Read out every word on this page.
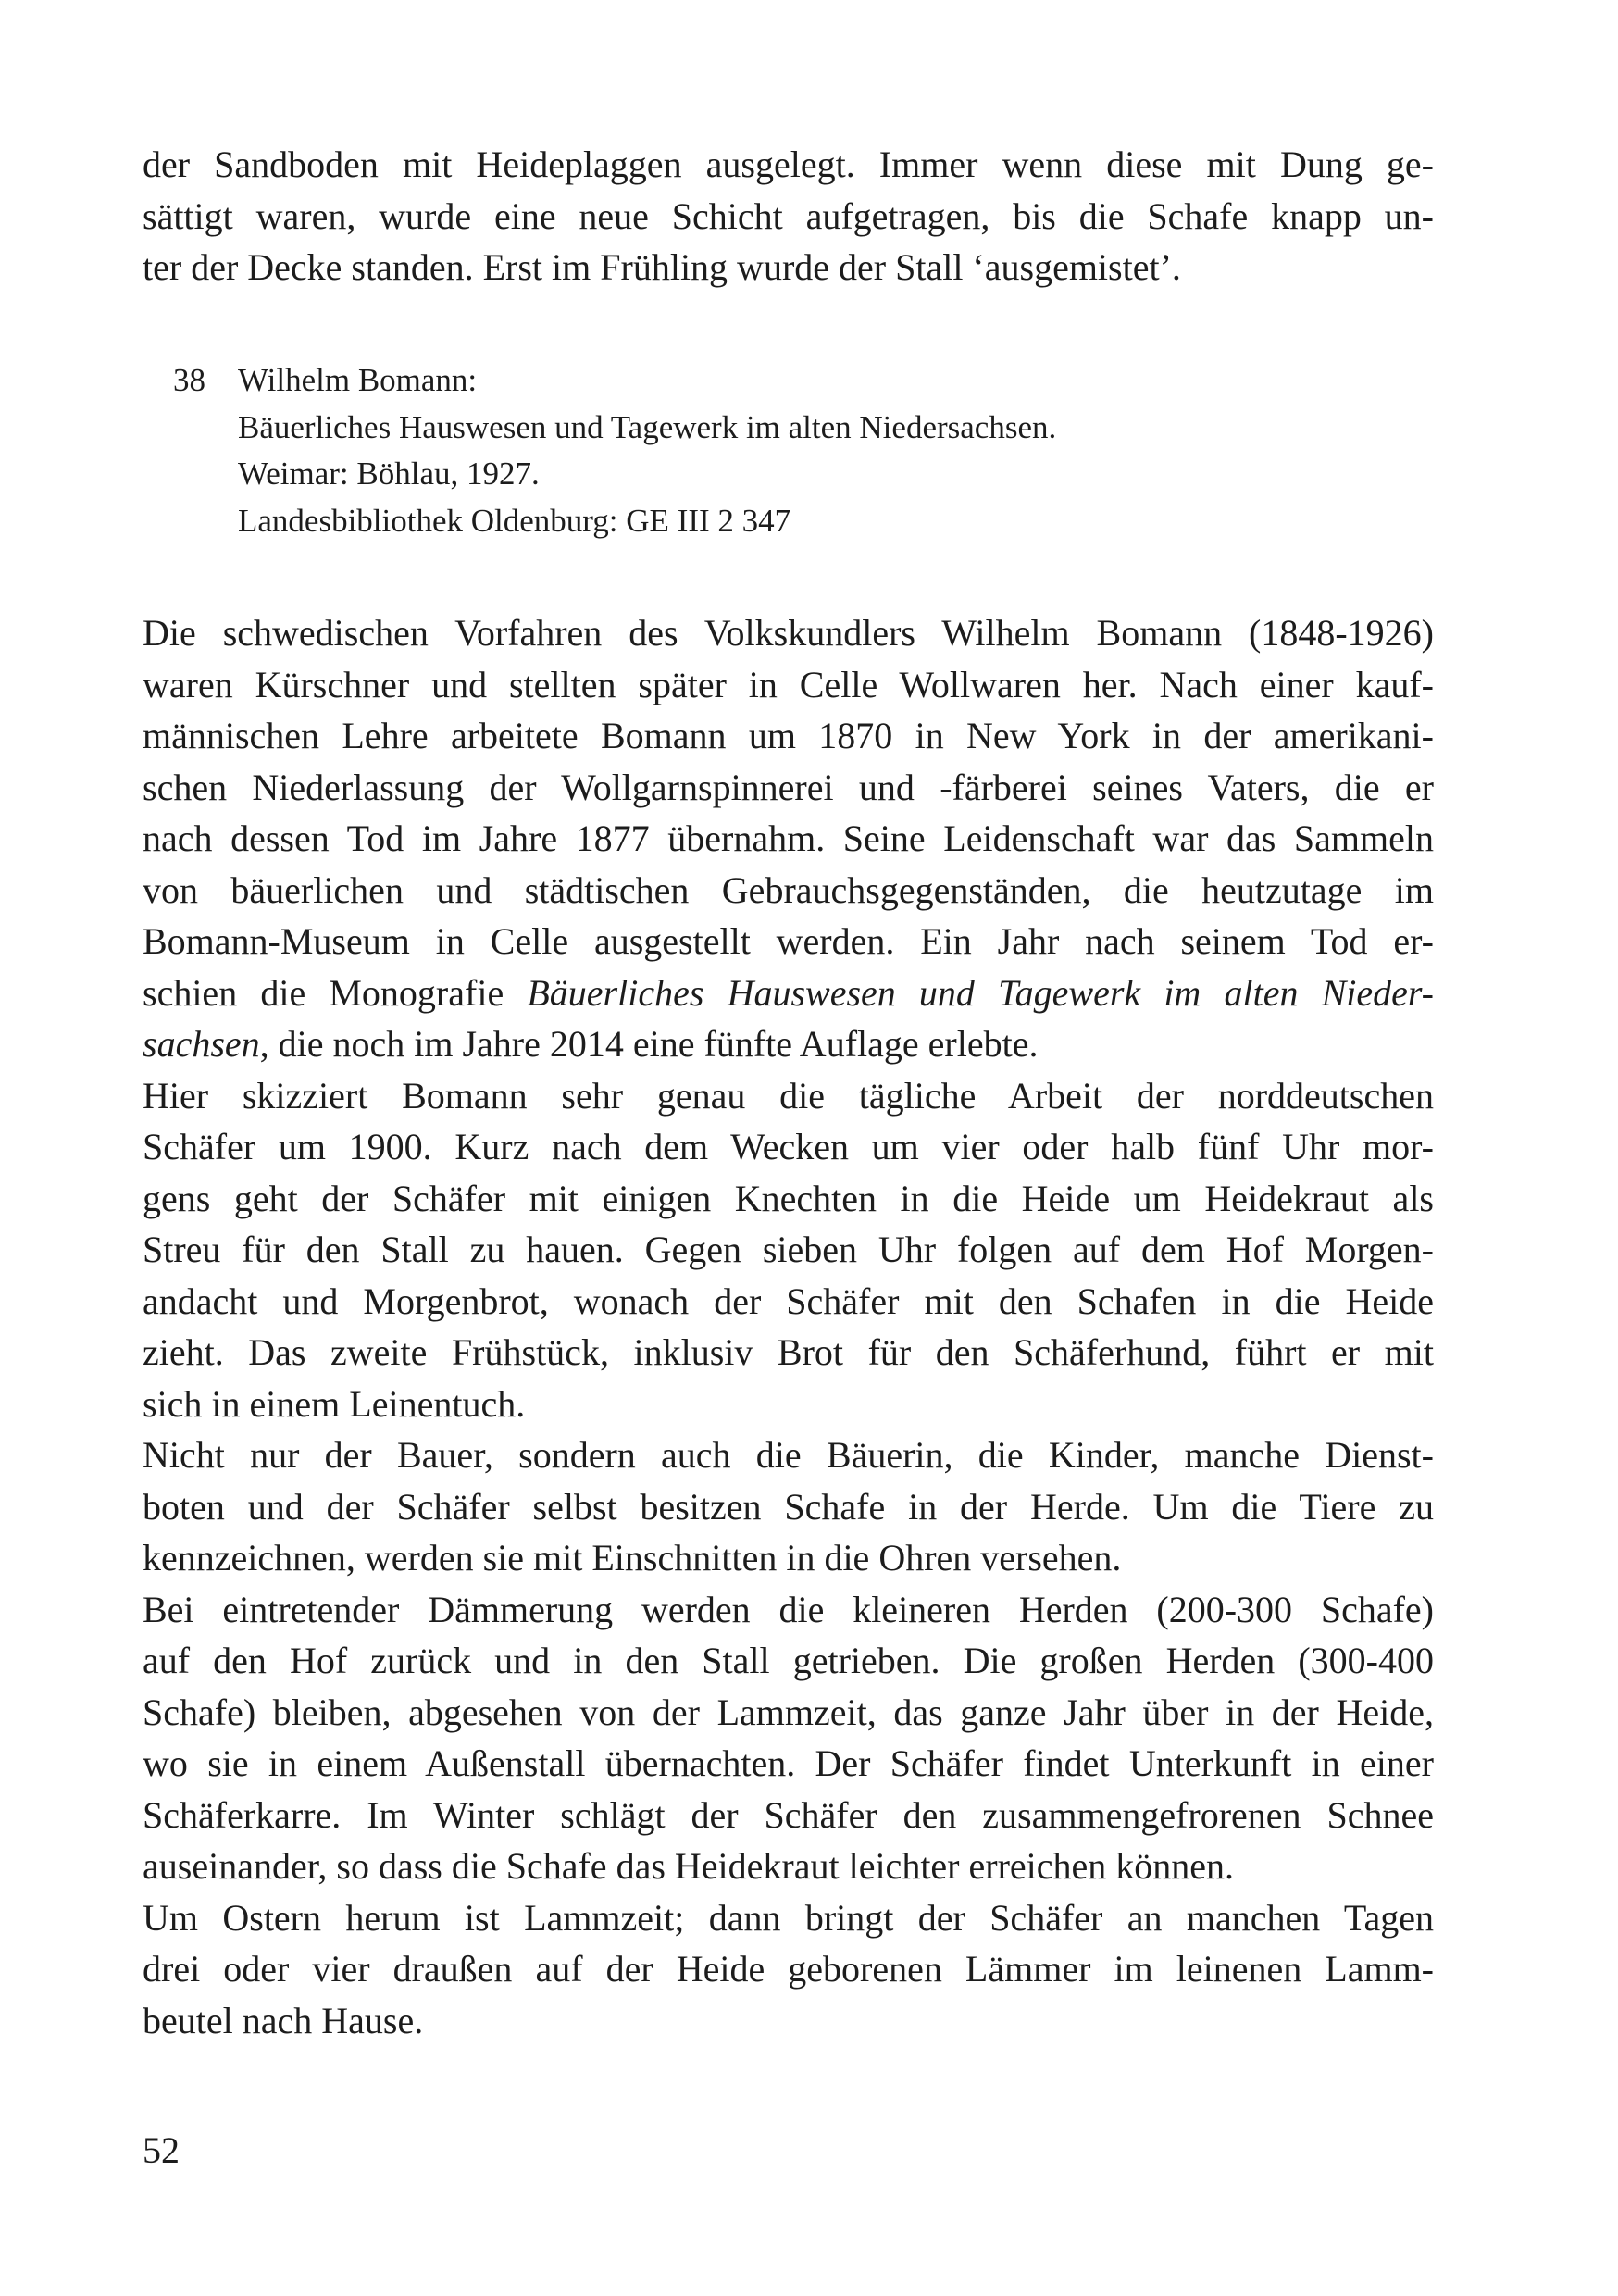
der Sandboden mit Heideplaggen ausgelegt. Immer wenn diese mit Dung ge-
sättigt waren, wurde eine neue Schicht aufgetragen, bis die Schafe knapp un-
ter der Decke standen. Erst im Frühling wurde der Stall ‘ausgemistet’.
38	Wilhelm Bomann:
Bäuerliches Hauswesen und Tagewerk im alten Niedersachsen.
Weimar: Böhlau, 1927.
Landesbibliothek Oldenburg: GE III 2 347
Die schwedischen Vorfahren des Volkskundlers Wilhelm Bomann (1848-1926)
waren Kürschner und stellten später in Celle Wollwaren her. Nach einer kauf-
männischen Lehre arbeitete Bomann um 1870 in New York in der amerikani-
schen Niederlassung der Wollgarnspinnerei und -färberei seines Vaters, die er
nach dessen Tod im Jahre 1877 übernahm. Seine Leidenschaft war das Sammeln
von bäuerlichen und städtischen Gebrauchsgegenständen, die heutzutage im
Bomann-Museum in Celle ausgestellt werden. Ein Jahr nach seinem Tod er-
schien die Monografie Bäuerliches Hauswesen und Tagewerk im alten Nieder-
sachsen, die noch im Jahre 2014 eine fünfte Auflage erlebte.
Hier skizziert Bomann sehr genau die tägliche Arbeit der norddeutschen
Schäfer um 1900. Kurz nach dem Wecken um vier oder halb fünf Uhr mor-
gens geht der Schäfer mit einigen Knechten in die Heide um Heidekraut als
Streu für den Stall zu hauen. Gegen sieben Uhr folgen auf dem Hof Morgen-
andacht und Morgenbrot, wonach der Schäfer mit den Schafen in die Heide
zieht. Das zweite Frühstück, inklusiv Brot für den Schäferhund, führt er mit
sich in einem Leinentuch.
Nicht nur der Bauer, sondern auch die Bäuerin, die Kinder, manche Dienst-
boten und der Schäfer selbst besitzen Schafe in der Herde. Um die Tiere zu
kennzeichnen, werden sie mit Einschnitten in die Ohren versehen.
Bei eintretender Dämmerung werden die kleineren Herden (200-300 Schafe)
auf den Hof zurück und in den Stall getrieben. Die großen Herden (300-400
Schafe) bleiben, abgesehen von der Lammzeit, das ganze Jahr über in der Heide,
wo sie in einem Außenstall übernachten. Der Schäfer findet Unterkunft in einer
Schäferkarre. Im Winter schlägt der Schäfer den zusammengefrorenen Schnee
auseinander, so dass die Schafe das Heidekraut leichter erreichen können.
Um Ostern herum ist Lammzeit; dann bringt der Schäfer an manchen Tagen
drei oder vier draußen auf der Heide geborenen Lämmer im leinenen Lamm-
beutel nach Hause.
52
